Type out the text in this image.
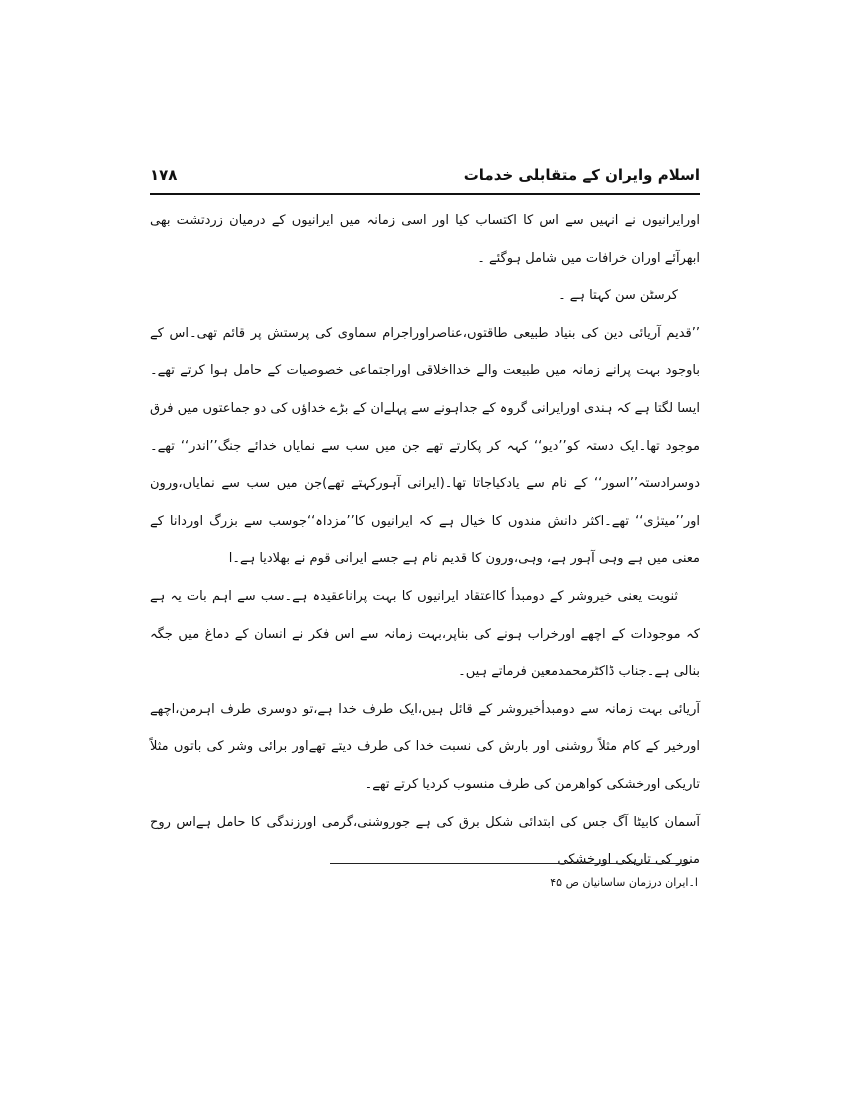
اسلام وایران کے متقابلی خدمات
۱۷۸

اورایرانیوں نے انہیں سے اس کا اکتساب کیا اور اسی زمانہ میں ایرانیوں کے درمیان زردتشت بھی ابھرآئے اوران خرافات میں شامل ہوگئے ۔

کرسٹن سن کہتا ہے ۔

’’قدیم آریائی دین کی بنیاد طبیعی طاقتوں،عناصراوراجرام سماوی کی پرستش پر قائم تھی۔اس کے باوجود بہت پرانے زمانہ میں طبیعت والے خدااخلاقی اوراجتماعی خصوصیات کے حامل ہوا کرتے تھے۔ایسا لگتا ہے کہ ہندی اورایرانی گروہ کے جداہونے سے پہلےان کے بڑے خداؤں کی دو جماعتوں میں فرق موجود تھا۔ایک دستہ کو’’دیو‘‘ کہہ کر پکارتے تھے جن میں سب سے نمایاں خدائے جنگ’’اندر‘‘ تھے۔دوسرادستہ’’اسور‘‘ کے نام سے یادکیاجاتا تھا۔(ایرانی آہورکہتے تھے)جن میں سب سے نمایاں،ورون اور’’میترٰی‘‘ تھے۔اکثر دانش مندوں کا خیال ہے کہ ایرانیوں کا’’مزداہ‘‘جوسب سے بزرگ اوردانا کے معنی میں ہے وہی آہور ہے، وہی،ورون کا قدیم نام ہے جسے ایرانی قوم نے بھلادیا ہے۔ا

ثنویت یعنی خیروشر کے دومبدأ کااعتقاد ایرانیوں کا بہت پراناعقیدہ ہے۔سب سے اہم بات یہ ہے کہ موجودات کے اچھے اورخراب ہونے کی بناپر،بہت زمانہ سے اس فکر نے انسان کے دماغ میں جگہ بنالی ہے۔جناب ڈاکٹرمحمدمعین فرماتے ہیں۔

آریائی بہت زمانہ سے دومبدأخیروشر کے قائل ہیں،ایک طرف خدا ہے،تو دوسری طرف اہرمن،اچھے اورخیر کے کام مثلاً روشنی اور بارش کی نسبت خدا کی طرف دیتے تھےاور برائی وشر کی باتوں مثلاً تاریکی اورخشکی کواھرمن کی طرف منسوب کردیا کرتے تھے۔

آسمان کابیٹا آگ جس کی ابتدائی شکل برق کی ہے جوروشنی،گرمی اورزندگی کا حامل ہےاس روح منور کی تاریکی اورخشکی

ا۔ایران درزمان ساسانیان ص ۴۵
